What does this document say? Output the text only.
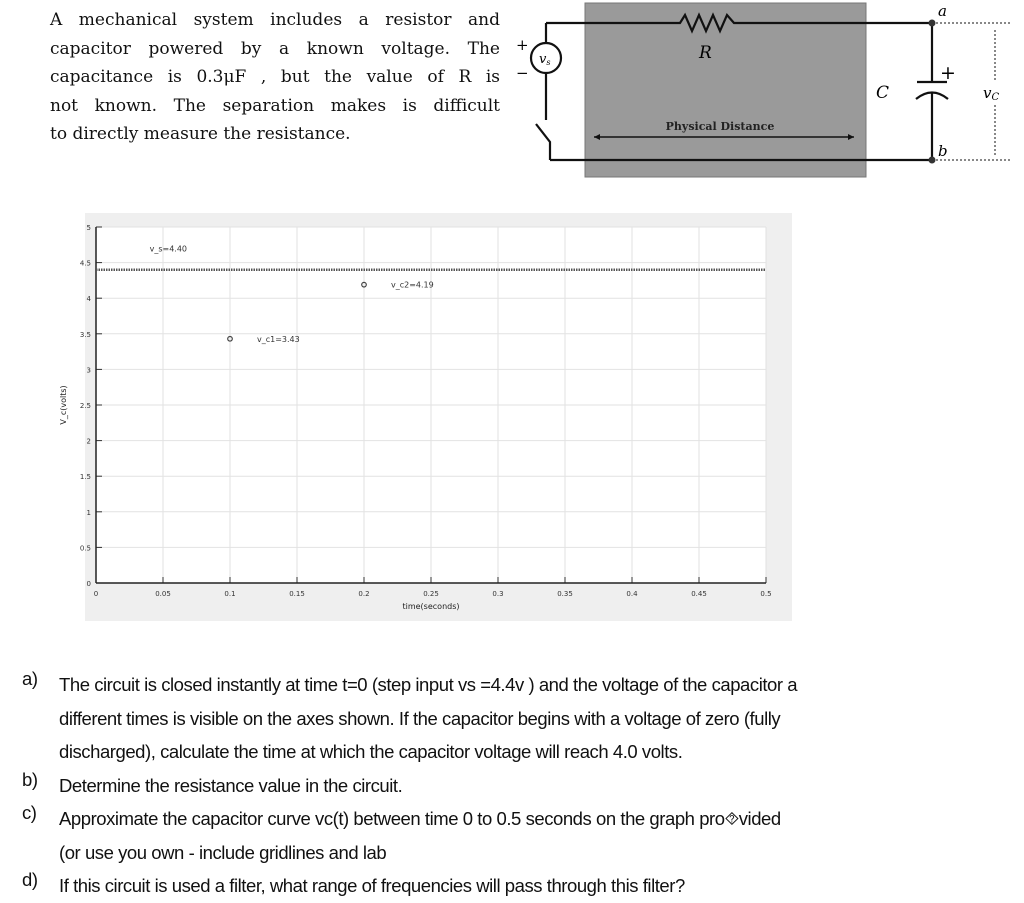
A mechanical system includes a resistor and
capacitor powered by a known voltage. The
capacitance is 0.3μF , but the value of R is
not known. The separation makes is difficult
to directly measure the resistance.
vs
+
−
R
C
+
a
b
vC
Physical Distance
0	0.05	0.1	0.15	0.2	0.25	0.3	0.35	0.4	0.45	0.5
0
0.5
1
1.5
2
2.5
3
3.5
4
4.5
5
time(seconds)
V_c(volts)
v_s=4.40
v_c1=3.43
v_c2=4.19
a)	The circuit is closed instantly at time t=0 (step input vs =4.4v ) and the voltage of the capacitor a
different times is visible on the axes shown. If the capacitor begins with a voltage of zero (fully
discharged), calculate the time at which the capacitor voltage will reach 4.0 volts.
b)	Determine the resistance value in the circuit.
c)	Approximate the capacitor curve vc(t) between time 0 to 0.5 seconds on the graph pro⯑vided
(or use you own - include gridlines and lab
d)	If this circuit is used a filter, what range of frequencies will pass through this filter?
